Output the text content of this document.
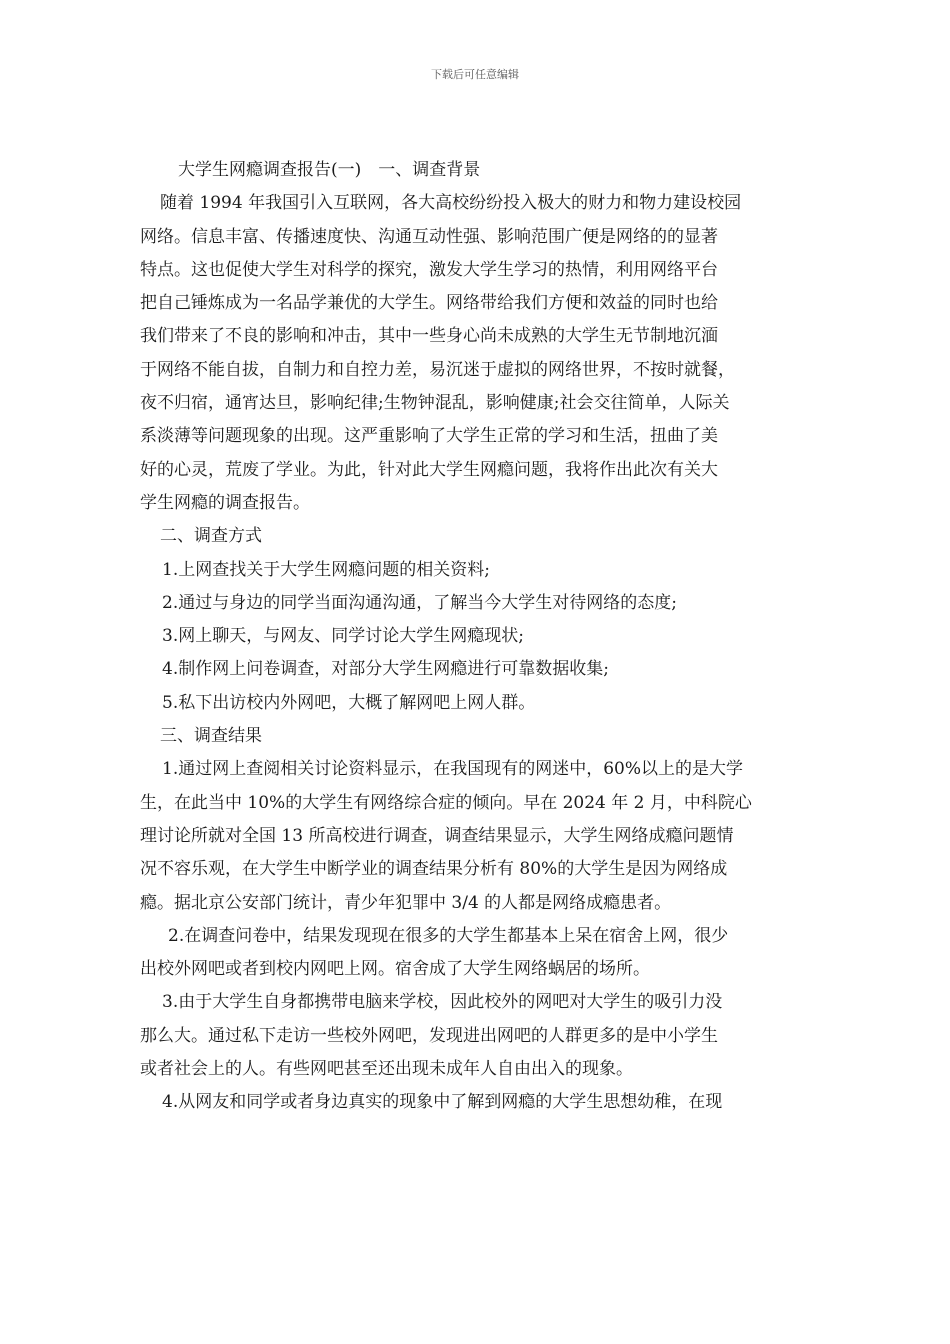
下载后可任意编辑
大学生网瘾调查报告(一)　一、调查背景
随着 1994 年我国引入互联网，各大高校纷纷投入极大的财力和物力建设校园
网络。信息丰富、传播速度快、沟通互动性强、影响范围广便是网络的的显著
特点。这也促使大学生对科学的探究，激发大学生学习的热情，利用网络平台
把自己锤炼成为一名品学兼优的大学生。网络带给我们方便和效益的同时也给
我们带来了不良的影响和冲击，其中一些身心尚未成熟的大学生无节制地沉湎
于网络不能自拔，自制力和自控力差，易沉迷于虚拟的网络世界，不按时就餐，
夜不归宿，通宵达旦，影响纪律;生物钟混乱，影响健康;社会交往简单，人际关
系淡薄等问题现象的出现。这严重影响了大学生正常的学习和生活，扭曲了美
好的心灵，荒废了学业。为此，针对此大学生网瘾问题，我将作出此次有关大
学生网瘾的调查报告。
二、调查方式
1.上网查找关于大学生网瘾问题的相关资料;
2.通过与身边的同学当面沟通沟通，了解当今大学生对待网络的态度;
3.网上聊天，与网友、同学讨论大学生网瘾现状;
4.制作网上问卷调查，对部分大学生网瘾进行可靠数据收集;
5.私下出访校内外网吧，大概了解网吧上网人群。
三、调查结果
1.通过网上查阅相关讨论资料显示，在我国现有的网迷中，60%以上的是大学
生，在此当中 10%的大学生有网络综合症的倾向。早在 2024 年 2 月，中科院心
理讨论所就对全国 13 所高校进行调查，调查结果显示，大学生网络成瘾问题情
况不容乐观，在大学生中断学业的调查结果分析有 80%的大学生是因为网络成
瘾。据北京公安部门统计，青少年犯罪中 3/4 的人都是网络成瘾患者。
2.在调查问卷中，结果发现现在很多的大学生都基本上呆在宿舍上网，很少
出校外网吧或者到校内网吧上网。宿舍成了大学生网络蜗居的场所。
3.由于大学生自身都携带电脑来学校，因此校外的网吧对大学生的吸引力没
那么大。通过私下走访一些校外网吧，发现进出网吧的人群更多的是中小学生
或者社会上的人。有些网吧甚至还出现未成年人自由出入的现象。
4.从网友和同学或者身边真实的现象中了解到网瘾的大学生思想幼稚，在现
